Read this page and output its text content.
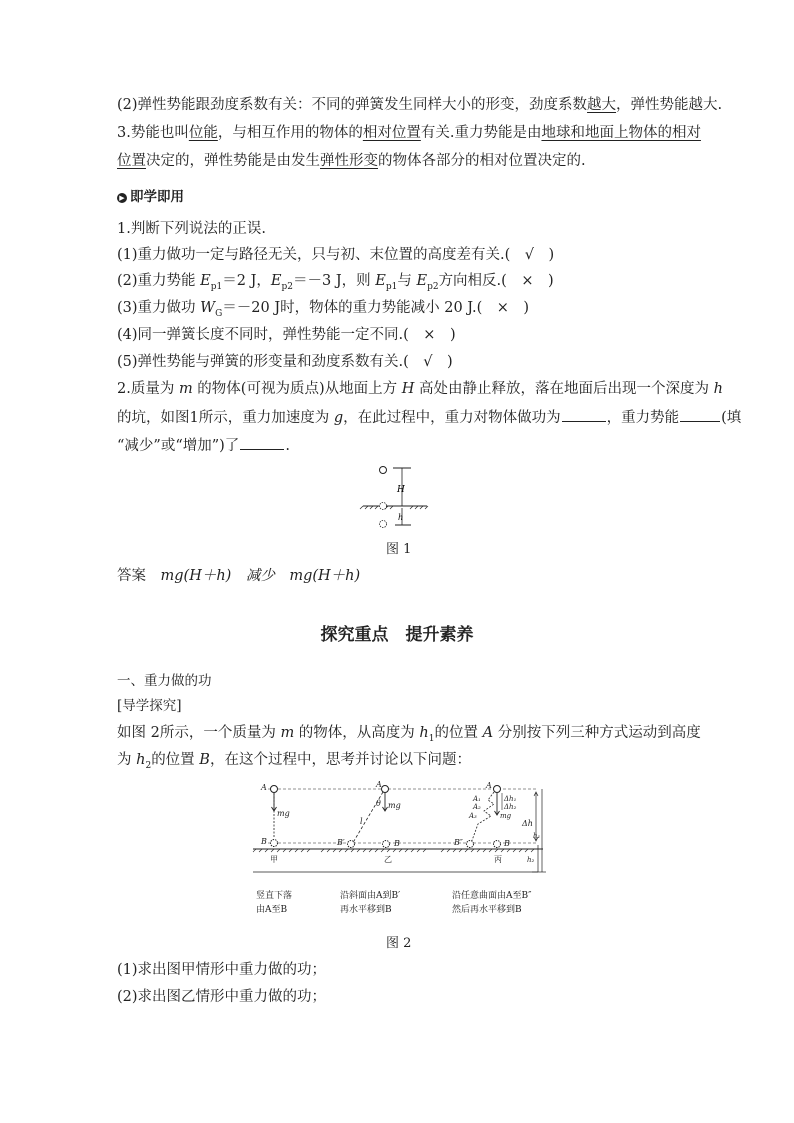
(2)弹性势能跟劲度系数有关：不同的弹簧发生同样大小的形变，劲度系数越大，弹性势能越大.
3.势能也叫位能，与相互作用的物体的相对位置有关.重力势能是由地球和地面上物体的相对
位置决定的，弹性势能是由发生弹性形变的物体各部分的相对位置决定的.
▶ 即学即用
1.判断下列说法的正误.
(1)重力做功一定与路径无关，只与初、末位置的高度差有关.(　√　)
(2)重力势能 $E_{p1}=2$ J，$E_{p2}=-3$ J，则 $E_{p1}$与 $E_{p2}$方向相反.(　×　)
(3)重力做功 $W_G=-20$ J时，物体的重力势能减小 20 J.(　×　)
(4)同一弹簧长度不同时，弹性势能一定不同.(　×　)
(5)弹性势能与弹簧的形变量和劲度系数有关.(　√　)
2.质量为 m 的物体(可视为质点)从地面上方 H 高处由静止释放，落在地面后出现一个深度为 h
的坑，如图1所示，重力加速度为 g，在此过程中，重力对物体做功为	，重力势能	(填
“减少”或“增加”)了	.
H
h
图 1
答案　 mg(H＋h)　减少　mg(H＋h)
探究重点　提升素养
一、重力做的功
[导学探究]
如图 2所示，一个质量为 m 的物体，从高度为 $h_1$的位置 A 分别按下列三种方式运动到高度
为 $h_2$的位置 B，在这个过程中，思考并讨论以下问题：
A
mg
B
甲
A
mg
θ
l
B′	B
乙
A
A₁
A₂
A₃	mg
Δh₁
Δh₂
B″	B
丙
Δh
h₁
h₂
竖直下落
由A至B
沿斜面由A到B′
再水平移到B
沿任意曲面由A至B″
然后再水平移到B
图 2
(1)求出图甲情形中重力做的功；
(2)求出图乙情形中重力做的功；
